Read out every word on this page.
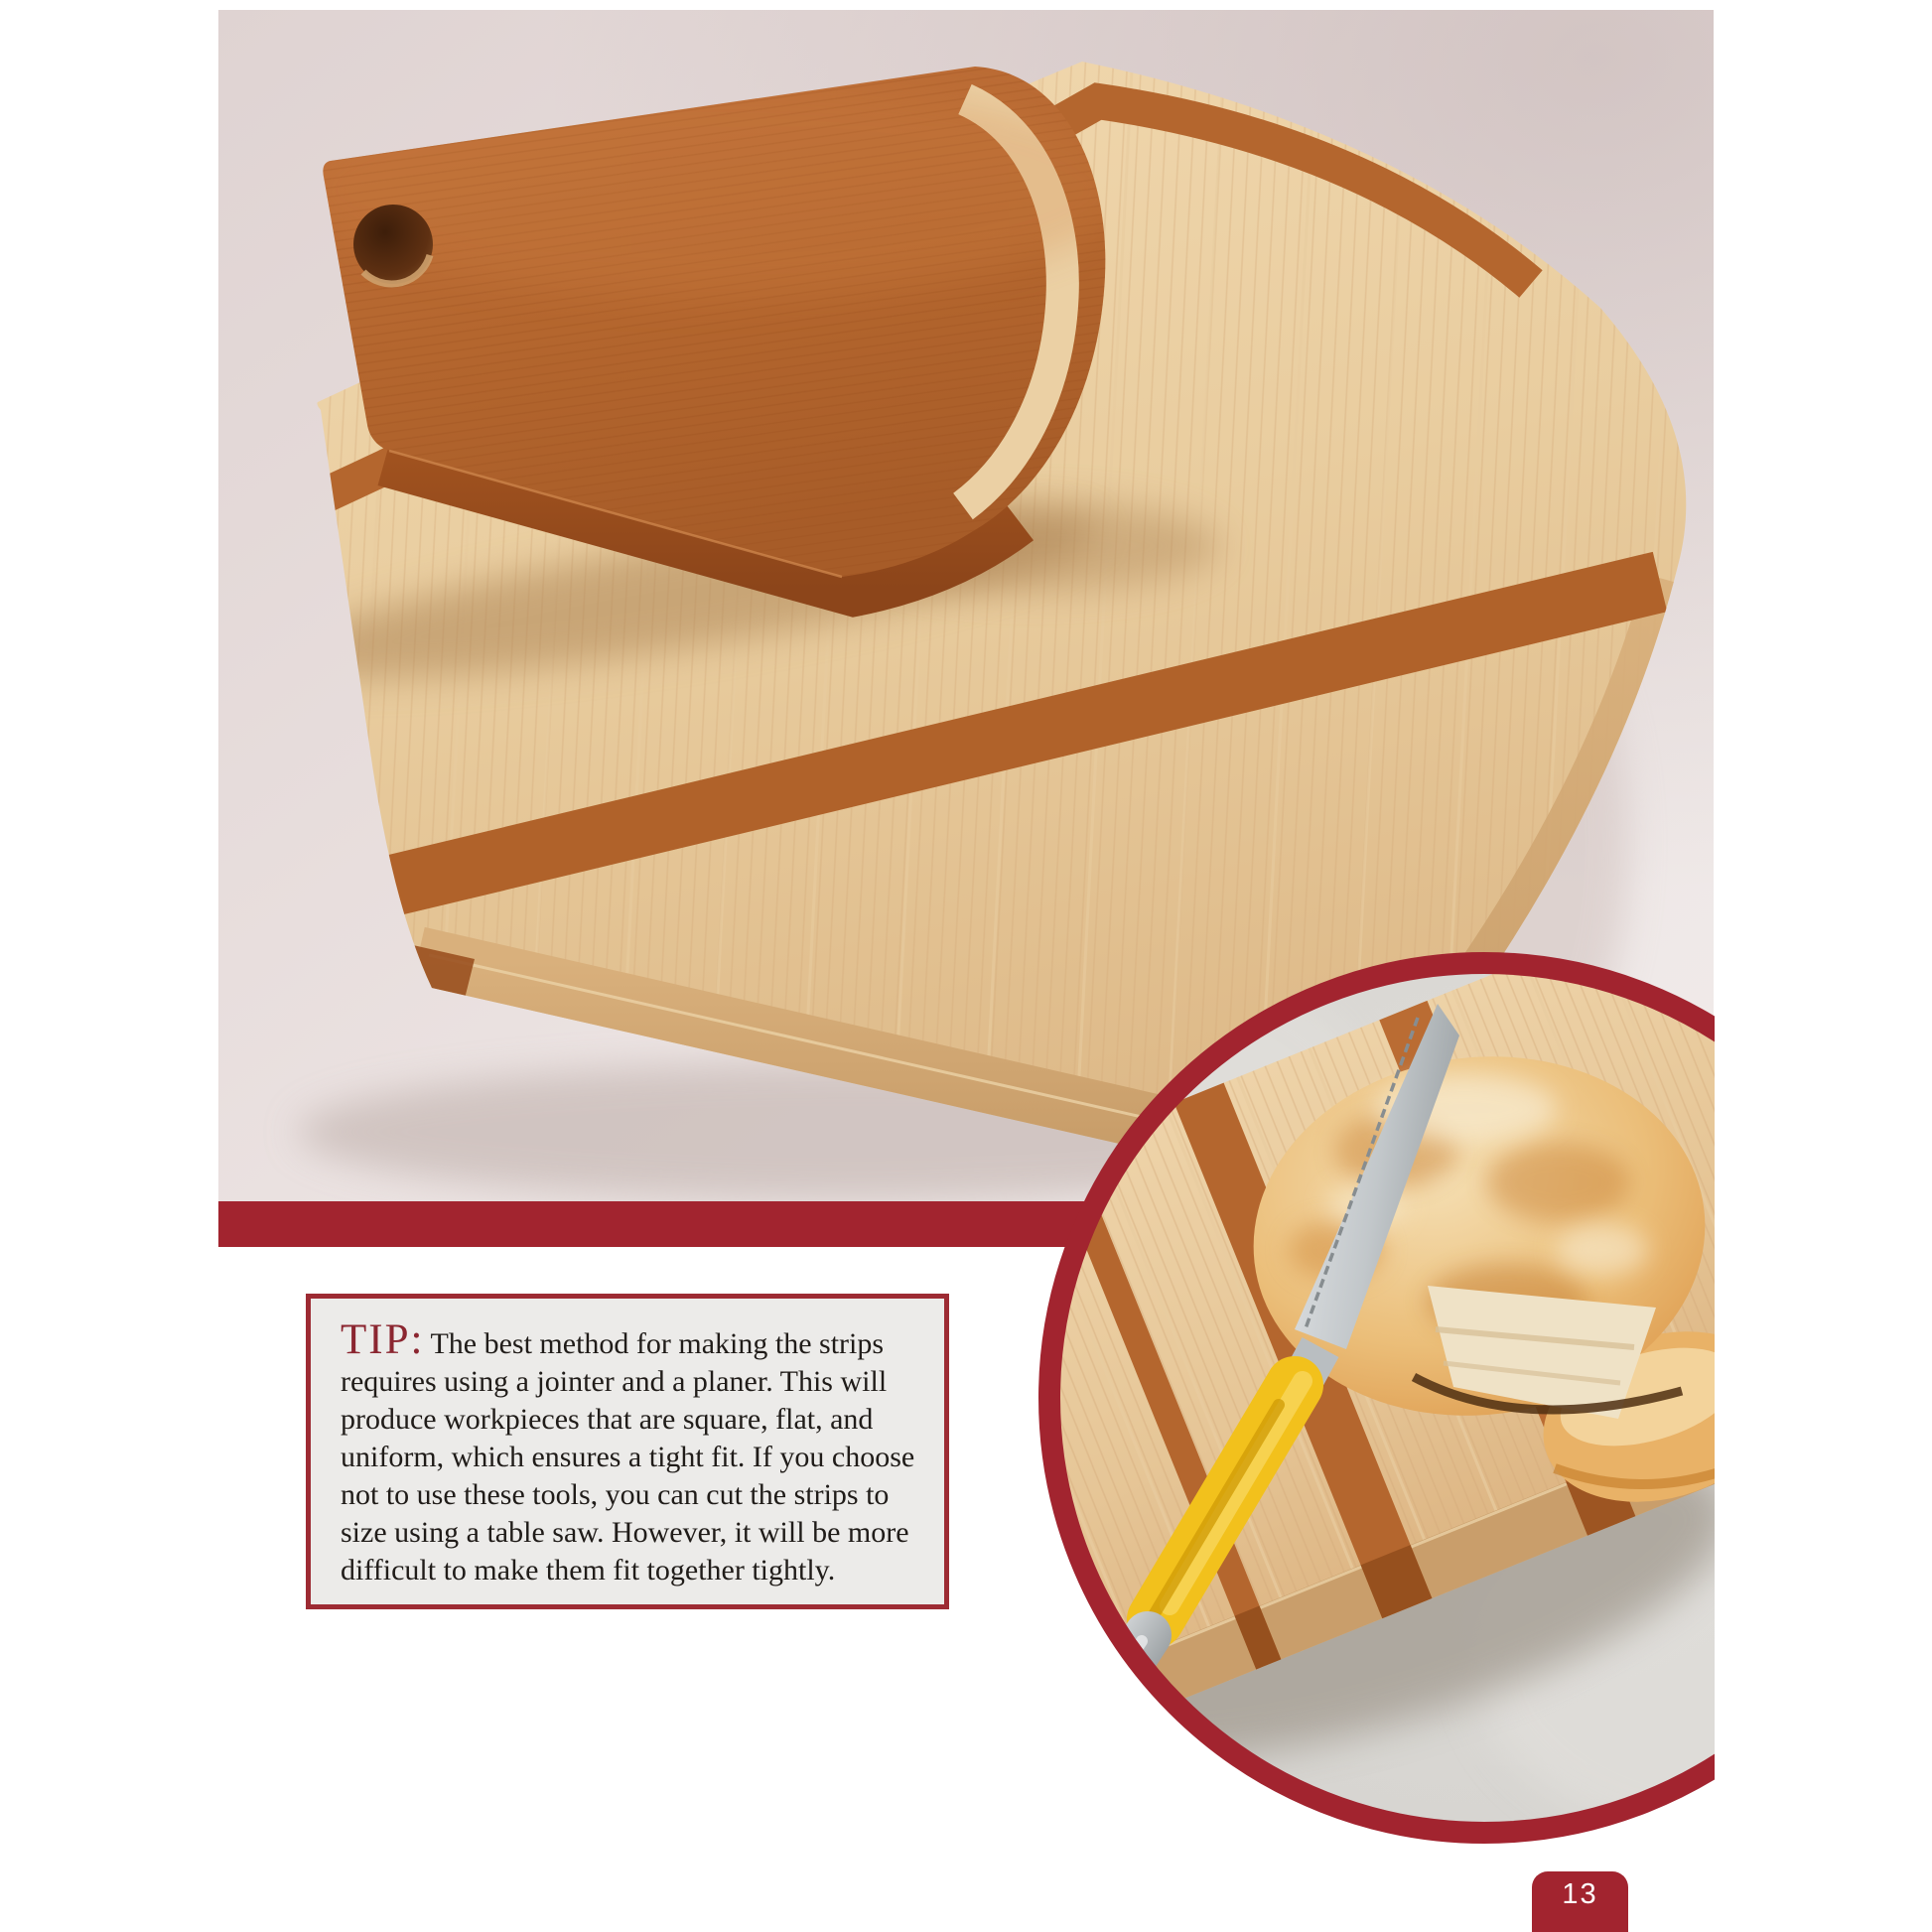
TIP: The best method for making the strips requires using a jointer and a planer. This will produce workpieces that are square, flat, and uniform, which ensures a tight fit. If you choose not to use these tools, you can cut the strips to size using a table saw. However, it will be more difficult to make them fit together tightly.

13
